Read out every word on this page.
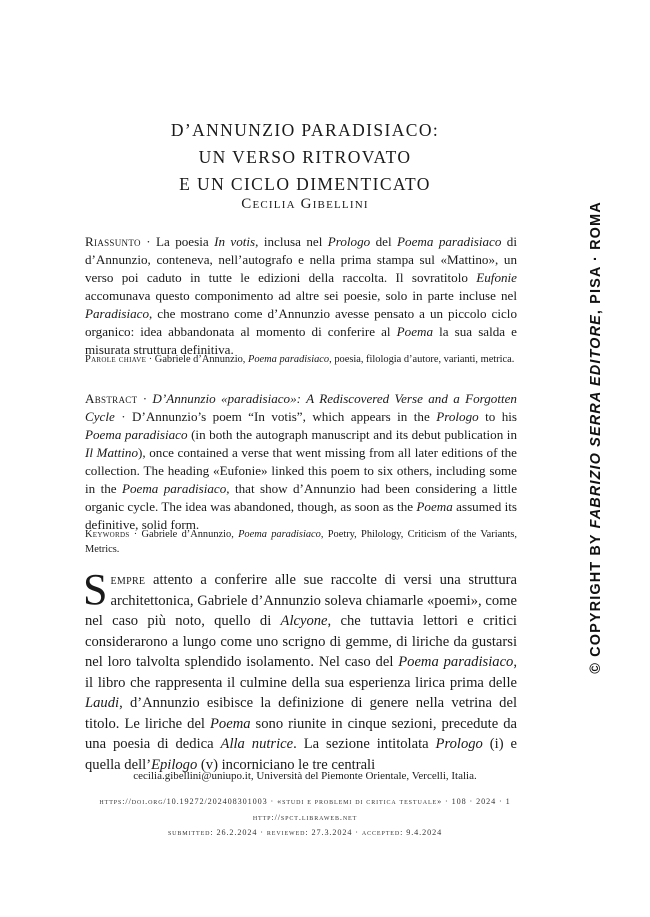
D’ANNUNZIO PARADISIACO:
UN VERSO RITROVATO
E UN CICLO DIMENTICATO
Cecilia Gibellini
Riassunto · La poesia In votis, inclusa nel Prologo del Poema paradisiaco di d’Annunzio, conteneva, nell’autografo e nella prima stampa sul «Mattino», un verso poi caduto in tutte le edizioni della raccolta. Il sovratitolo Eufonie accomunava questo componimento ad altre sei poesie, solo in parte incluse nel Paradisiaco, che mostrano come d’Annunzio avesse pensato a un piccolo ciclo organico: idea abbandonata al momento di conferire al Poema la sua salda e misurata struttura definitiva.
Parole chiave · Gabriele d’Annunzio, Poema paradisiaco, poesia, filologia d’autore, varianti, metrica.
Abstract · D’Annunzio «paradisiaco»: A Rediscovered Verse and a Forgotten Cycle · D’Annunzio’s poem “In votis”, which appears in the Prologo to his Poema paradisiaco (in both the autograph manuscript and its debut publication in Il Mattino), once contained a verse that went missing from all later editions of the collection. The heading «Eufonie» linked this poem to six others, including some in the Poema paradisiaco, that show d’Annunzio had been considering a little organic cycle. The idea was abandoned, though, as soon as the Poema assumed its definitive, solid form.
Keywords · Gabriele d’Annunzio, Poema paradisiaco, Poetry, Philology, Criticism of the Variants, Metrics.
Sempre attento a conferire alle sue raccolte di versi una struttura architettonica, Gabriele d’Annunzio soleva chiamarle «poemi», come nel caso più noto, quello di Alcyone, che tuttavia lettori e critici considerarono a lungo come uno scrigno di gemme, di liriche da gustarsi nel loro talvolta splendido isolamento. Nel caso del Poema paradisiaco, il libro che rappresenta il culmine della sua esperienza lirica prima delle Laudi, d’Annunzio esibisce la definizione di genere nella vetrina del titolo. Le liriche del Poema sono riunite in cinque sezioni, precedute da una poesia di dedica Alla nutrice. La sezione intitolata Prologo (i) e quella dell’Epilogo (v) incorniciano le tre centrali
cecilia.gibellini@uniupo.it, Università del Piemonte Orientale, Vercelli, Italia.
https://doi.org/10.19272/202408301003 · «studi e problemi di critica testuale» · 108 · 2024 · 1
http://spct.libraweb.net
submitted: 26.2.2024 · reviewed: 27.3.2024 · accepted: 9.4.2024
© COPYRIGHT BY FABRIZIO SERRA EDITORE, PISA · ROMA
